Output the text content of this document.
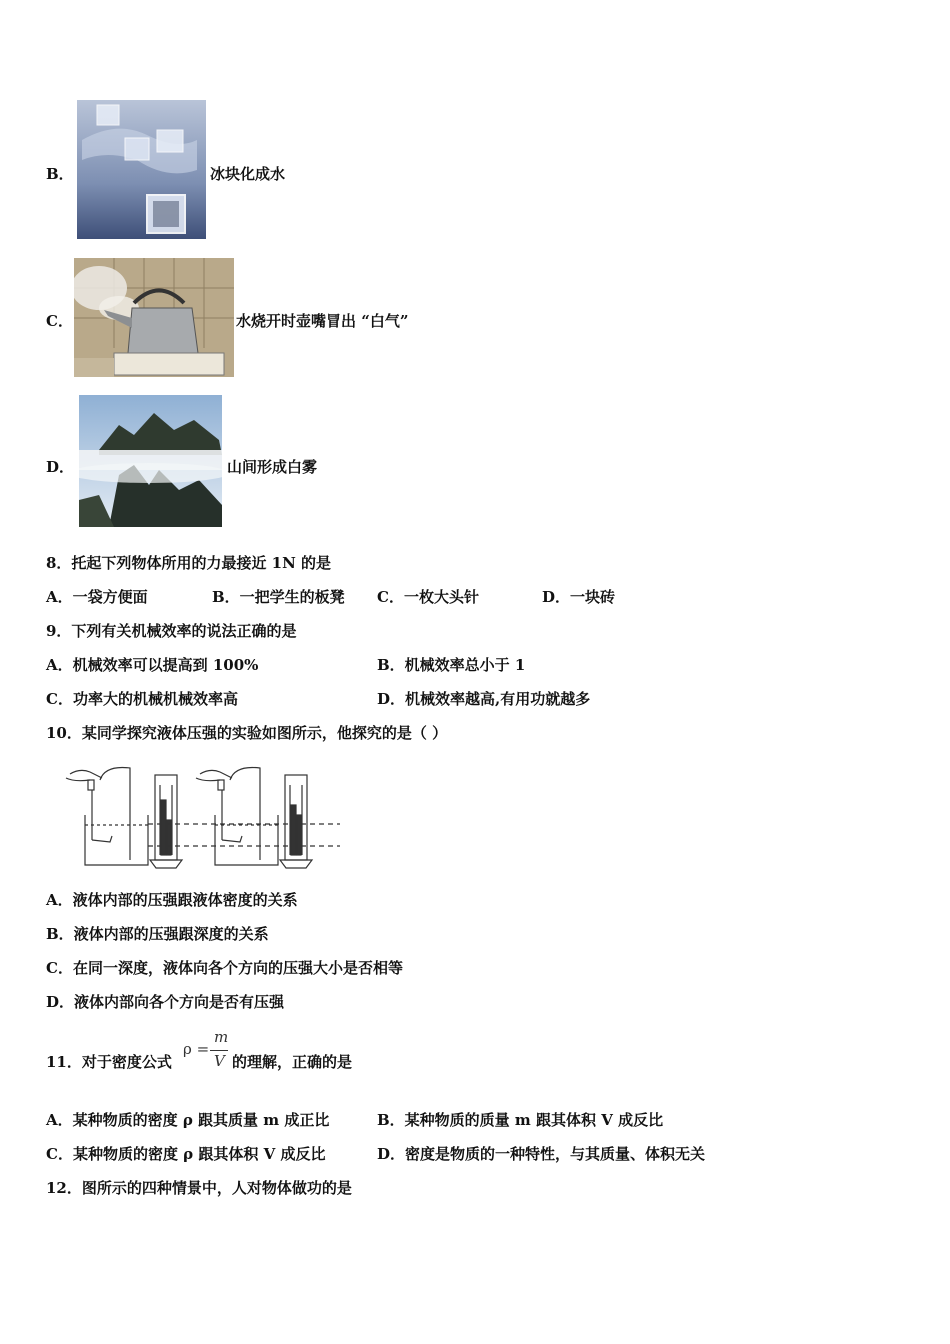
B．	冰块化成水
C．	水烧开时壶嘴冒出 “白气”
D．	山间形成白雾
8．托起下列物体所用的力最接近 1N 的是
A．一袋方便面	B．一把学生的板凳 C．一枚大头针	D．一块砖
9．下列有关机械效率的说法正确的是
A．机械效率可以提高到 100%	B．机械效率总小于 1
C．功率大的机械机械效率高	D．机械效率越高,有用功就越多
10．某同学探究液体压强的实验如图所示，他探究的是（ ）
A．液体内部的压强跟液体密度的关系
B．液体内部的压强跟深度的关系
C．在同一深度，液体向各个方向的压强大小是否相等
D．液体内部向各个方向是否有压强
11．对于密度公式
ρ =
m
V 的理解，正确的是
A．某种物质的密度 ρ 跟其质量 m 成正比	B．某种物质的质量 m 跟其体积 V 成反比
C．某种物质的密度 ρ 跟其体积 V 成反比	D．密度是物质的一种特性，与其质量、体积无关
12．图所示的四种情景中，人对物体做功的是
